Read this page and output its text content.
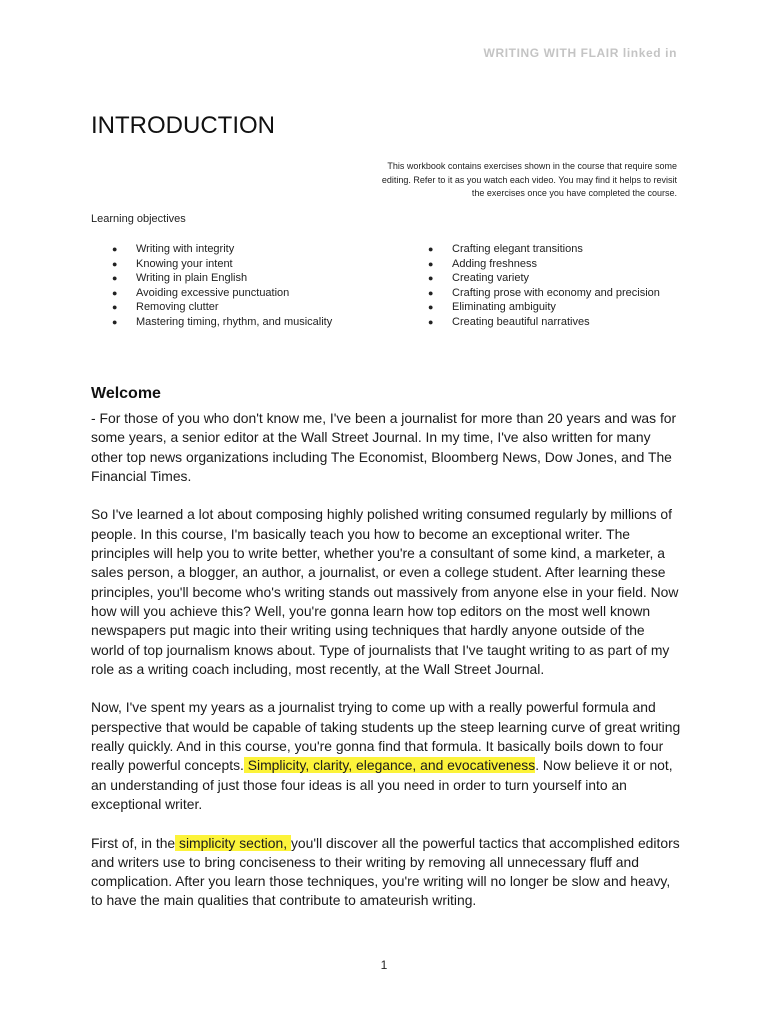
WRITING WITH FLAIR linked in
INTRODUCTION
This workbook contains exercises shown in the course that require some editing. Refer to it as you watch each video. You may find it helps to revisit the exercises once you have completed the course.
Learning objectives
● Writing with integrity
● Knowing your intent
● Writing in plain English
● Avoiding excessive punctuation
● Removing clutter
● Mastering timing, rhythm, and musicality
● Crafting elegant transitions
● Adding freshness
● Creating variety
● Crafting prose with economy and precision
● Eliminating ambiguity
● Creating beautiful narratives
Welcome

- For those of you who don't know me, I've been a journalist for more than 20 years and was for some years, a senior editor at the Wall Street Journal. In my time, I've also written for many other top news organizations including The Economist, Bloomberg News, Dow Jones, and The Financial Times.

So I've learned a lot about composing highly polished writing consumed regularly by millions of people. In this course, I'm basically teach you how to become an exceptional writer. The principles will help you to write better, whether you're a consultant of some kind, a marketer, a sales person, a blogger, an author, a journalist, or even a college student. After learning these principles, you'll become who's writing stands out massively from anyone else in your field. Now how will you achieve this? Well, you're gonna learn how top editors on the most well known newspapers put magic into their writing using techniques that hardly anyone outside of the world of top journalism knows about. Type of journalists that I've taught writing to as part of my role as a writing coach including, most recently, at the Wall Street Journal.

Now, I've spent my years as a journalist trying to come up with a really powerful formula and perspective that would be capable of taking students up the steep learning curve of great writing really quickly. And in this course, you're gonna find that formula. It basically boils down to four really powerful concepts. Simplicity, clarity, elegance, and evocativeness. Now believe it or not, an understanding of just those four ideas is all you need in order to turn yourself into an exceptional writer.

First of, in the simplicity section, you'll discover all the powerful tactics that accomplished editors and writers use to bring conciseness to their writing by removing all unnecessary fluff and complication. After you learn those techniques, you're writing will no longer be slow and heavy, to have the main qualities that contribute to amateurish writing.

1
